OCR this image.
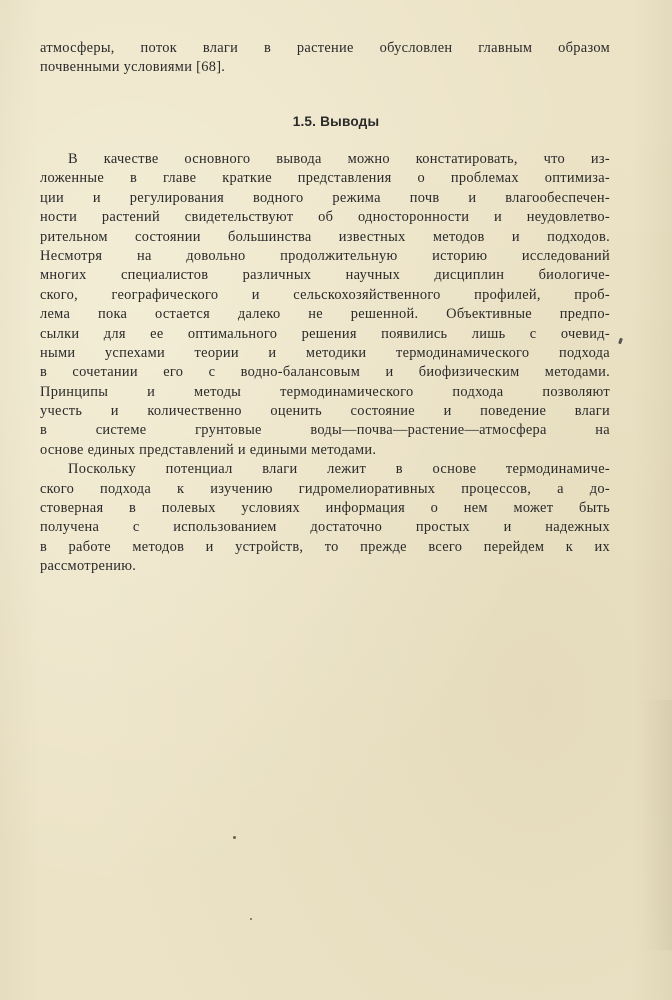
атмосферы, поток влаги в растение обусловлен главным образом
почвенными условиями [68].
1.5. Выводы
В качестве основного вывода можно констатировать, что из-
ложенные в главе краткие представления о проблемах оптимиза-
ции и регулирования водного режима почв и влагообеспечен-
ности растений свидетельствуют об односторонности и неудовлетво-
рительном состоянии большинства известных методов и подходов.
Несмотря на довольно продолжительную историю исследований
многих специалистов различных научных дисциплин биологиче-
ского, географического и сельскохозяйственного профилей, проб-
лема пока остается далеко не решенной. Объективные предпо-
сылки для ее оптимального решения появились лишь с очевид-
ными успехами теории и методики термодинамического подхода
в сочетании его с водно-балансовым и биофизическим методами.
Принципы и методы термодинамического подхода позволяют
учесть и количественно оценить состояние и поведение влаги
в системе грунтовые воды—почва—растение—атмосфера на
основе единых представлений и едиными методами.
Поскольку потенциал влаги лежит в основе термодинамиче-
ского подхода к изучению гидромелиоративных процессов, а до-
стоверная в полевых условиях информация о нем может быть
получена с использованием достаточно простых и надежных
в работе методов и устройств, то прежде всего перейдем к их
рассмотрению.
